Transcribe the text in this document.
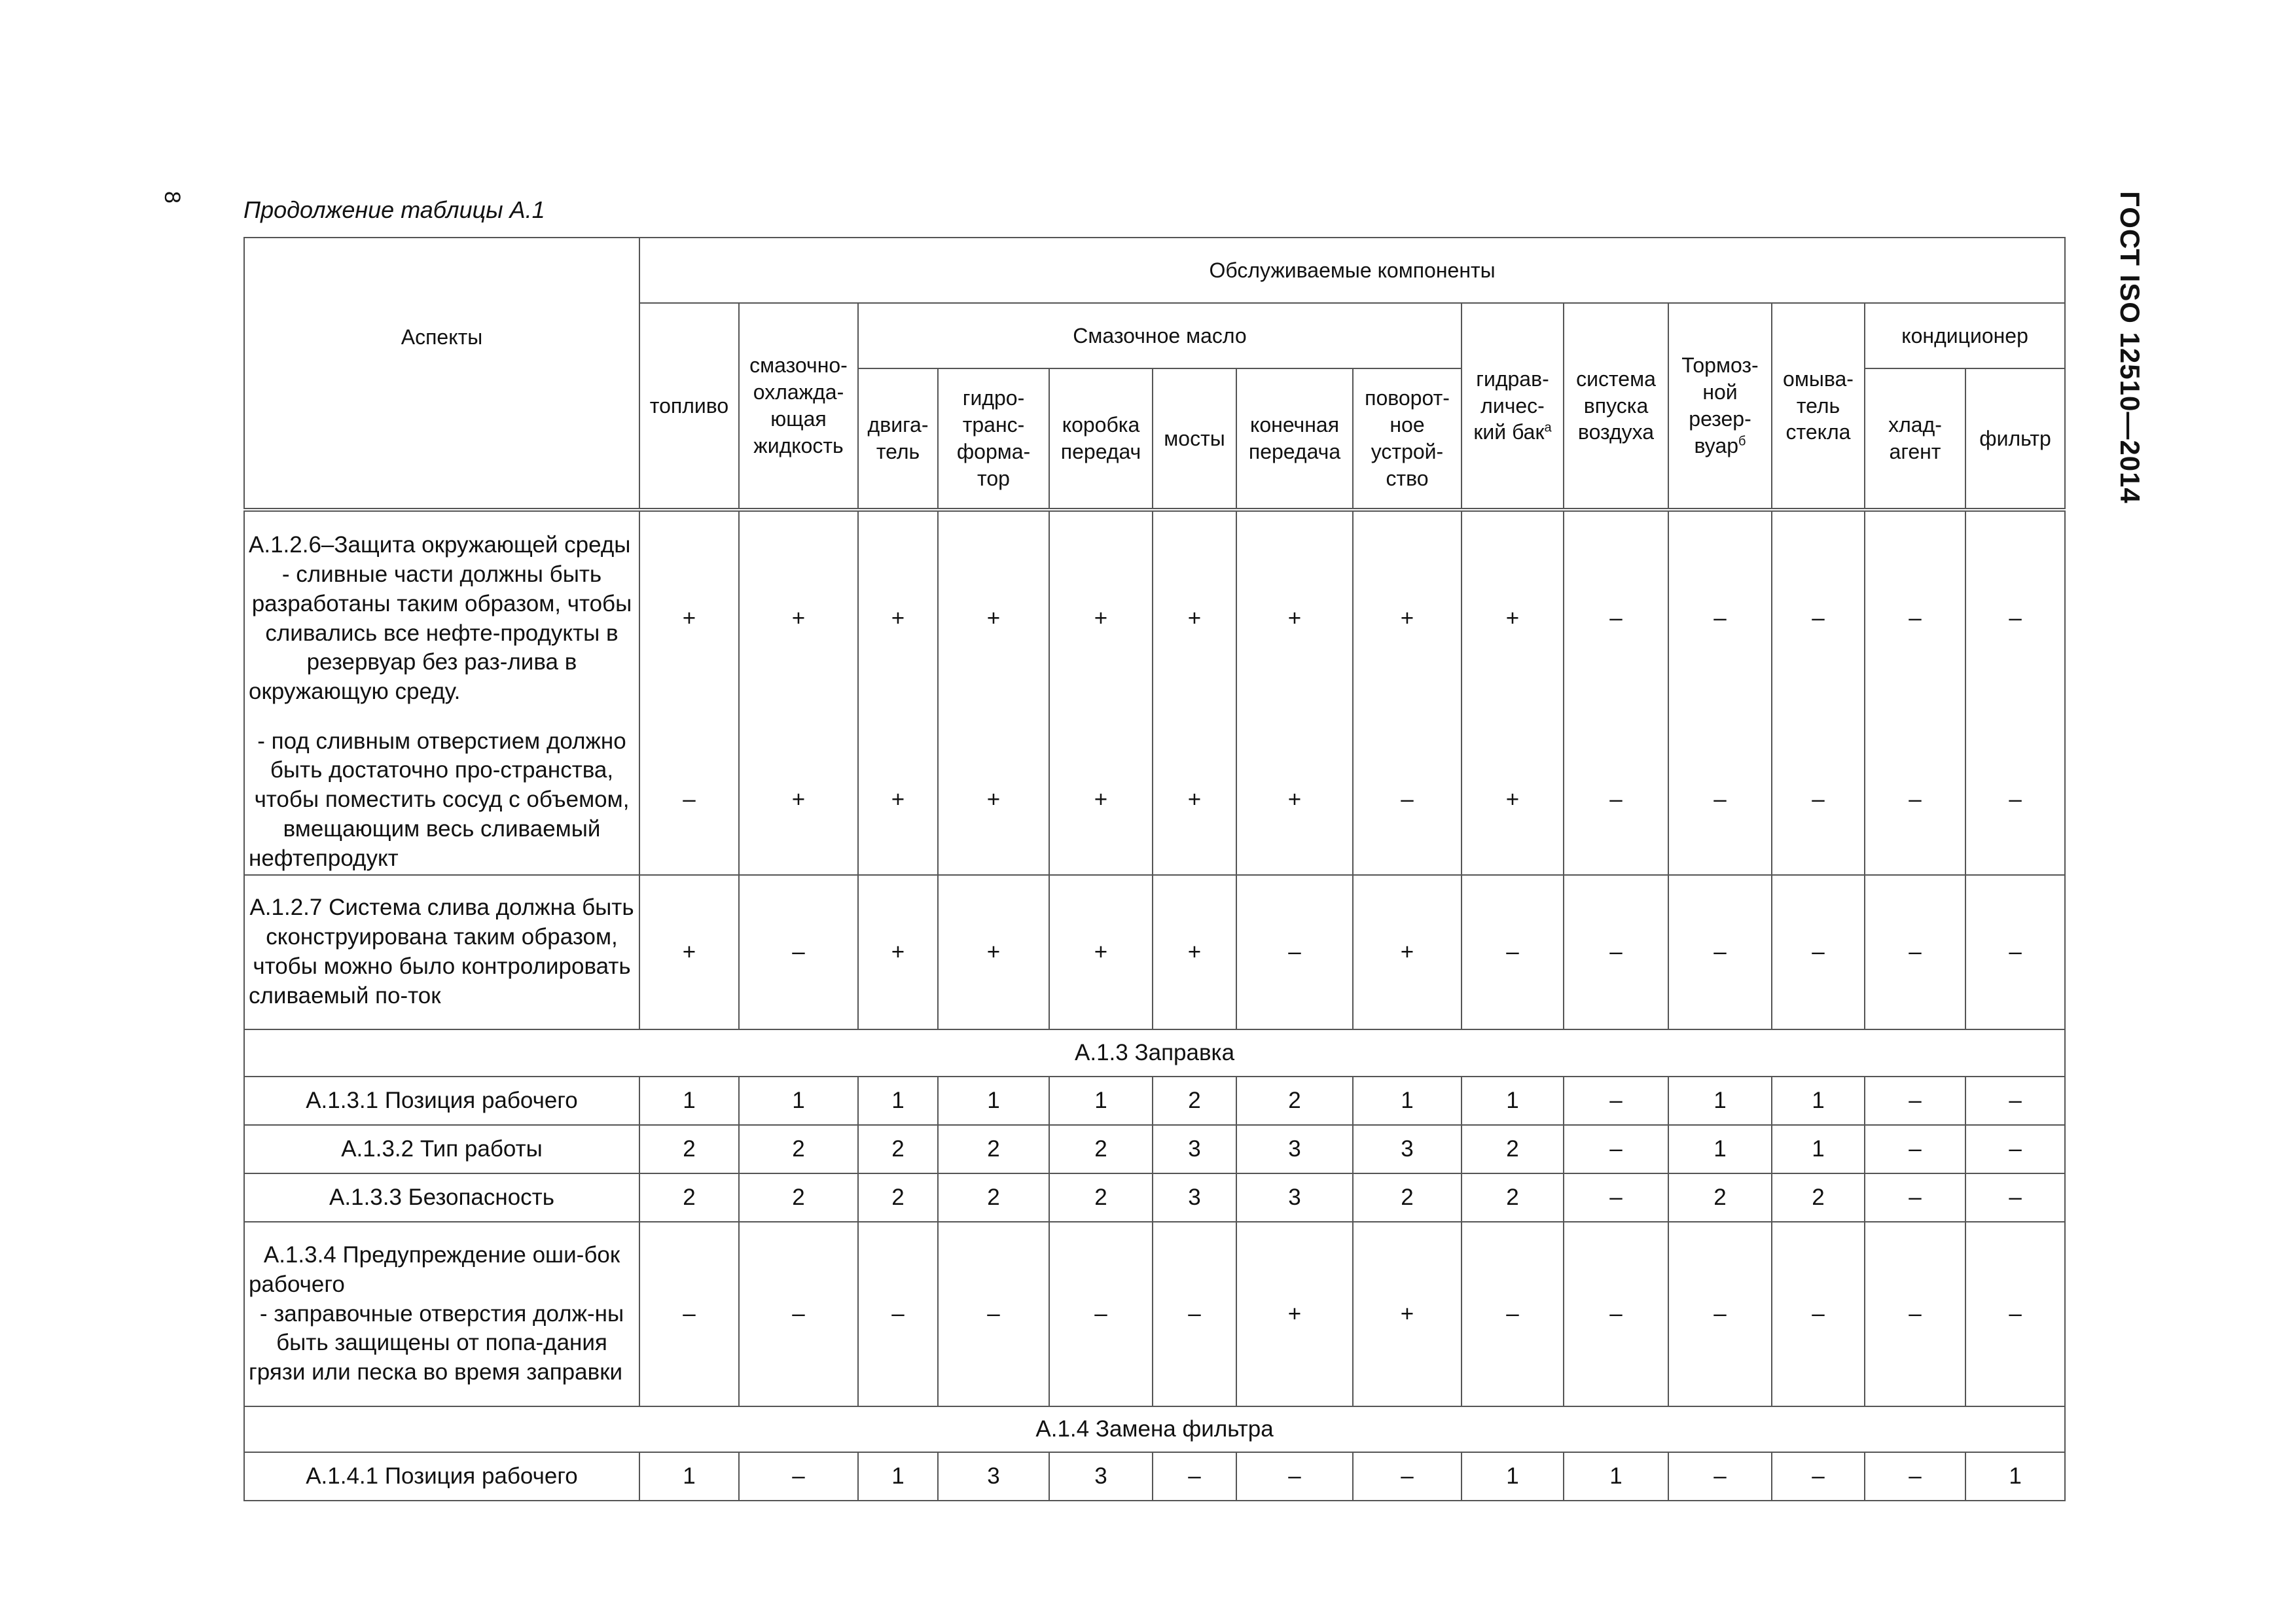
8	ГОСТ ISO 12510—2014
Продолжение таблицы А.1
Аспекты	Обслуживаемые компоненты													
	топливо	смазочно-охлажда-ющая жидкость	Смазочное масло						гидрав-личес-кий бак$^а$	система впуска воздуха	Тормоз-ной резер-вуар$^б$	омыва-тель стекла	кондиционер	
			двига-тель	гидро-транс-форма-тор	коробка передач	мосты	конечная передача	поворот-ное устрой-ство					хлад-агент	фильтр

А.1.2.6–Защита окружающей среды
- сливные части должны быть разработаны таким образом, чтобы сливались все нефте-продукты в резервуар без раз-лива в окружающую среду.	+	+	+	+	+	+	+	+	+	–	–	–	–	–
- под сливным отверстием должно быть достаточно про-странства, чтобы поместить сосуд с объемом, вмещающим весь сливаемый нефтепродукт	–	+	+	+	+	+	+	–	+	–	–	–	–	–
А.1.2.7 Система слива должна быть сконструирована таким образом, чтобы можно было контролировать сливаемый по-ток	+	–	+	+	+	+	–	+	–	–	–	–	–	–
А.1.3 Заправка														
А.1.3.1 Позиция рабочего	1	1	1	1	1	2	2	1	1	–	1	1	–	–
А.1.3.2 Тип работы	2	2	2	2	2	3	3	3	2	–	1	1	–	–
А.1.3.3 Безопасность	2	2	2	2	2	3	3	2	2	–	2	2	–	–

А.1.3.4 Предупреждение оши-бок рабочего
- заправочные отверстия долж-ны быть защищены от попа-дания грязи или песка во время заправки	–	–	–	–	–	–	+	+	–	–	–	–	–	–
А.1.4 Замена фильтра														
А.1.4.1 Позиция рабочего	1	–	1	3	3	–	–	–	1	1	–	–	–	1
